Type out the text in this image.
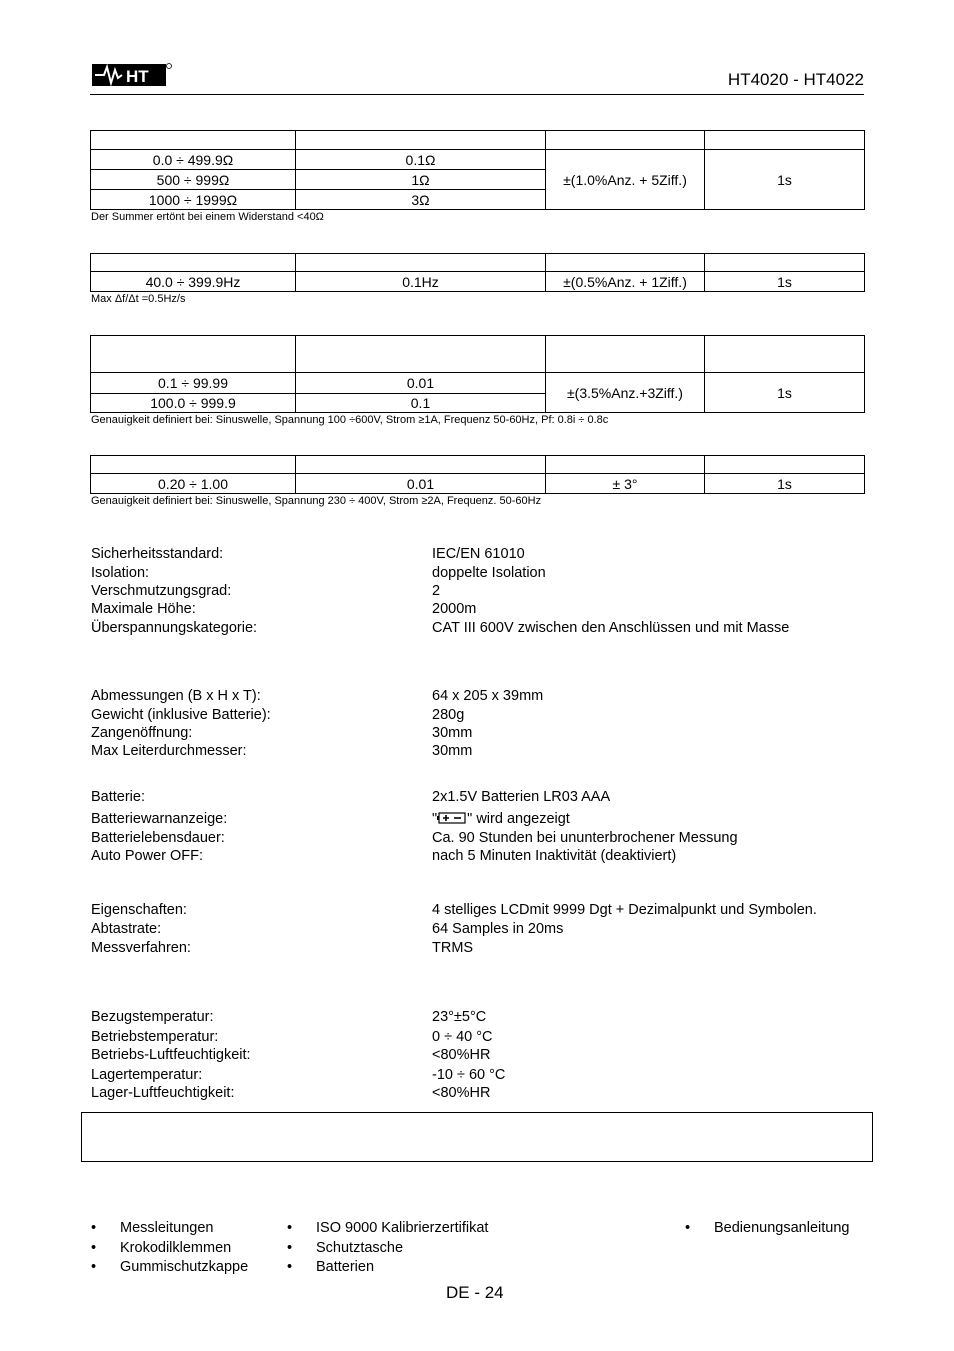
HT	HT4020 - HT4022

0.0 ÷ 499.9Ω	0.1Ω	±(1.0%Anz. + 5Ziff.)	1s
500 ÷ 999Ω	1Ω		
1000 ÷ 1999Ω	3Ω		
Der Summer ertönt bei einem Widerstand <40Ω

40.0 ÷ 399.9Hz	0.1Hz	±(0.5%Anz. + 1Ziff.)	1s
Max Δf/Δt =0.5Hz/s

0.1 ÷ 99.99	0.01	±(3.5%Anz.+3Ziff.)	1s
100.0 ÷ 999.9	0.1		
Genauigkeit definiert bei: Sinuswelle, Spannung 100 ÷600V, Strom ≥1A, Frequenz 50-60Hz, Pf: 0.8i ÷ 0.8c

0.20 ÷ 1.00	0.01	± 3°	1s
Genauigkeit definiert bei: Sinuswelle, Spannung 230 ÷ 400V, Strom ≥2A, Frequenz. 50-60Hz
Sicherheitsstandard:	IEC/EN 61010
Isolation:	doppelte Isolation
Verschmutzungsgrad:	2
Maximale Höhe:	2000m
Überspannungskategorie:	CAT III 600V zwischen den Anschlüssen und mit Masse
Abmessungen (B x H x T):	64 x 205 x 39mm
Gewicht (inklusive Batterie):	280g
Zangenöffnung:	30mm
Max Leiterdurchmesser:	30mm
Batterie:	2x1.5V Batterien LR03 AAA
Batteriewarnanzeige:	" " wird angezeigt
Batterielebensdauer:	Ca. 90 Stunden bei ununterbrochener Messung
Auto Power OFF:	nach 5 Minuten Inaktivität (deaktiviert)
Eigenschaften:	4 stelliges LCDmit 9999 Dgt + Dezimalpunkt und Symbolen.
Abtastrate:	64 Samples in 20ms
Messverfahren:	TRMS
Bezugstemperatur:	23°±5°C
Betriebstemperatur:	0 ÷ 40 °C
Betriebs-Luftfeuchtigkeit:	<80%HR
Lagertemperatur:	-10 ÷ 60 °C
Lager-Luftfeuchtigkeit:	<80%HR
• Messleitungen
• Krokodilklemmen
• Gummischutzkappe
• ISO 9000 Kalibrierzertifikat
• Schutztasche
• Batterien
• Bedienungsanleitung
DE - 24
